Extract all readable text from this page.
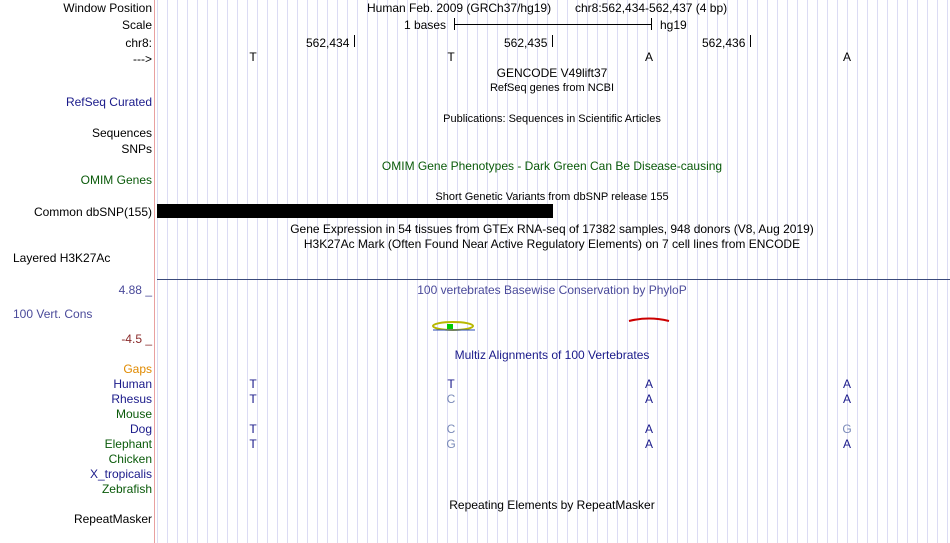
Window Position
Scale
chr8:
--->
Human Feb. 2009 (GRCh37/hg19) chr8:562,434-562,437 (4 bp)
1 bases	hg19
562,434	562,435	562,436
T	T	A	A
GENCODE V49lift37
RefSeq genes from NCBI
RefSeq Curated
Publications: Sequences in Scientific Articles
Sequences
SNPs
OMIM Gene Phenotypes - Dark Green Can Be Disease-causing
OMIM Genes
Short Genetic Variants from dbSNP release 155
Common dbSNP(155)
Gene Expression in 54 tissues from GTEx RNA-seq of 17382 samples, 948 donors (V8, Aug 2019)
H3K27Ac Mark (Often Found Near Active Regulatory Elements) on 7 cell lines from ENCODE
Layered H3K27Ac
4.88 _	100 vertebrates Basewise Conservation by PhyloP
100 Vert. Cons
-4.5 _
Multiz Alignments of 100 Vertebrates
Gaps
Human	T	T	A	A
Rhesus	T	C	A	A
Mouse
Dog	T	C	A	G
Elephant	T	G	A	A
Chicken
X_tropicalis
Zebrafish
Repeating Elements by RepeatMasker
RepeatMasker
